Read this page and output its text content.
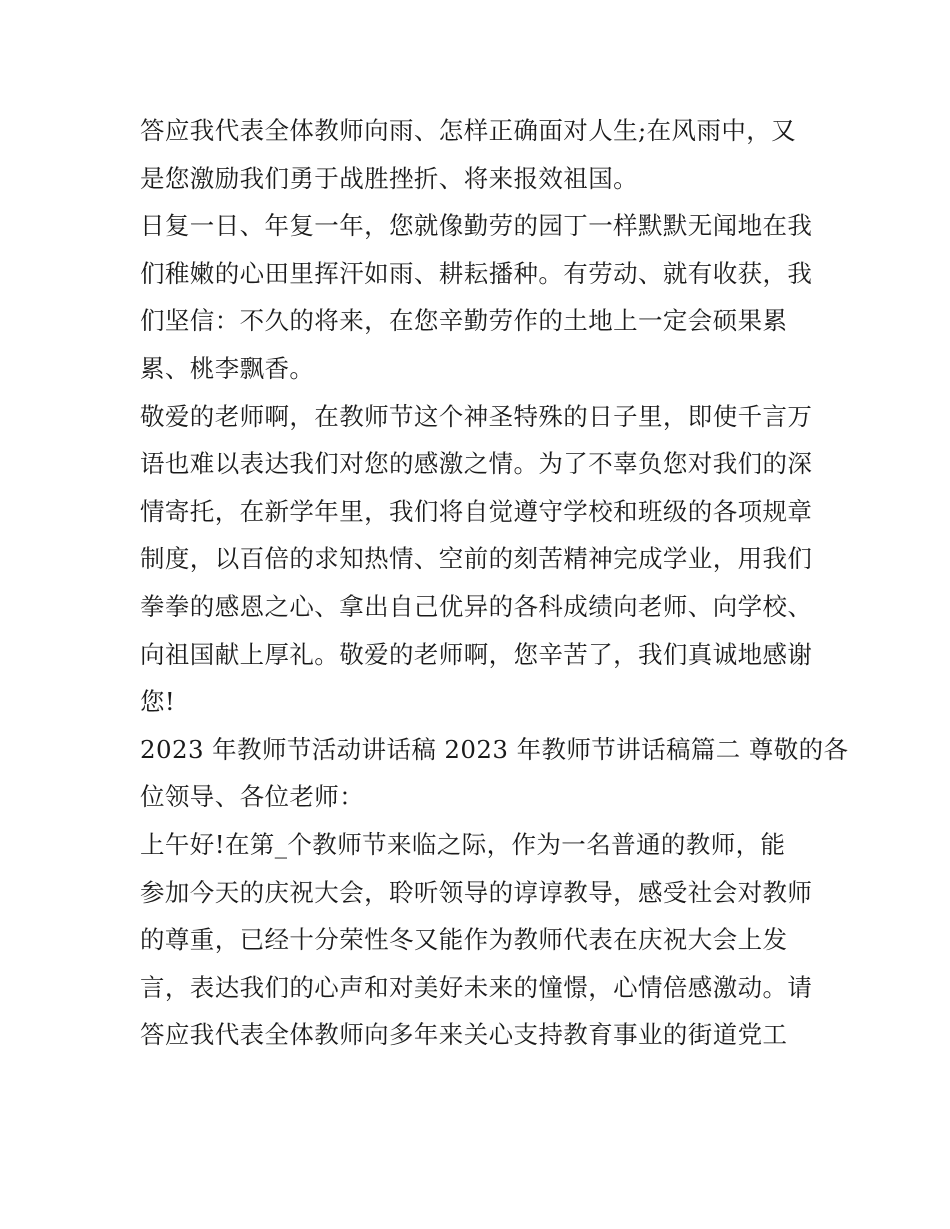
答应我代表全体教师向雨、怎样正确面对人生;在风雨中，又
是您激励我们勇于战胜挫折、将来报效祖国。
日复一日、年复一年，您就像勤劳的园丁一样默默无闻地在我
们稚嫩的心田里挥汗如雨、耕耘播种。有劳动、就有收获，我
们坚信：不久的将来，在您辛勤劳作的土地上一定会硕果累
累、桃李飘香。
敬爱的老师啊，在教师节这个神圣特殊的日子里，即使千言万
语也难以表达我们对您的感激之情。为了不辜负您对我们的深
情寄托，在新学年里，我们将自觉遵守学校和班级的各项规章
制度，以百倍的求知热情、空前的刻苦精神完成学业，用我们
拳拳的感恩之心、拿出自己优异的各科成绩向老师、向学校、
向祖国献上厚礼。敬爱的老师啊，您辛苦了，我们真诚地感谢
您!
2023 年教师节活动讲话稿 2023 年教师节讲话稿篇二 尊敬的各
位领导、各位老师：
上午好!在第_个教师节来临之际，作为一名普通的教师，能
参加今天的庆祝大会，聆听领导的谆谆教导，感受社会对教师
的尊重，已经十分荣性冬又能作为教师代表在庆祝大会上发
言，表达我们的心声和对美好未来的憧憬，心情倍感激动。请
答应我代表全体教师向多年来关心支持教育事业的街道党工
